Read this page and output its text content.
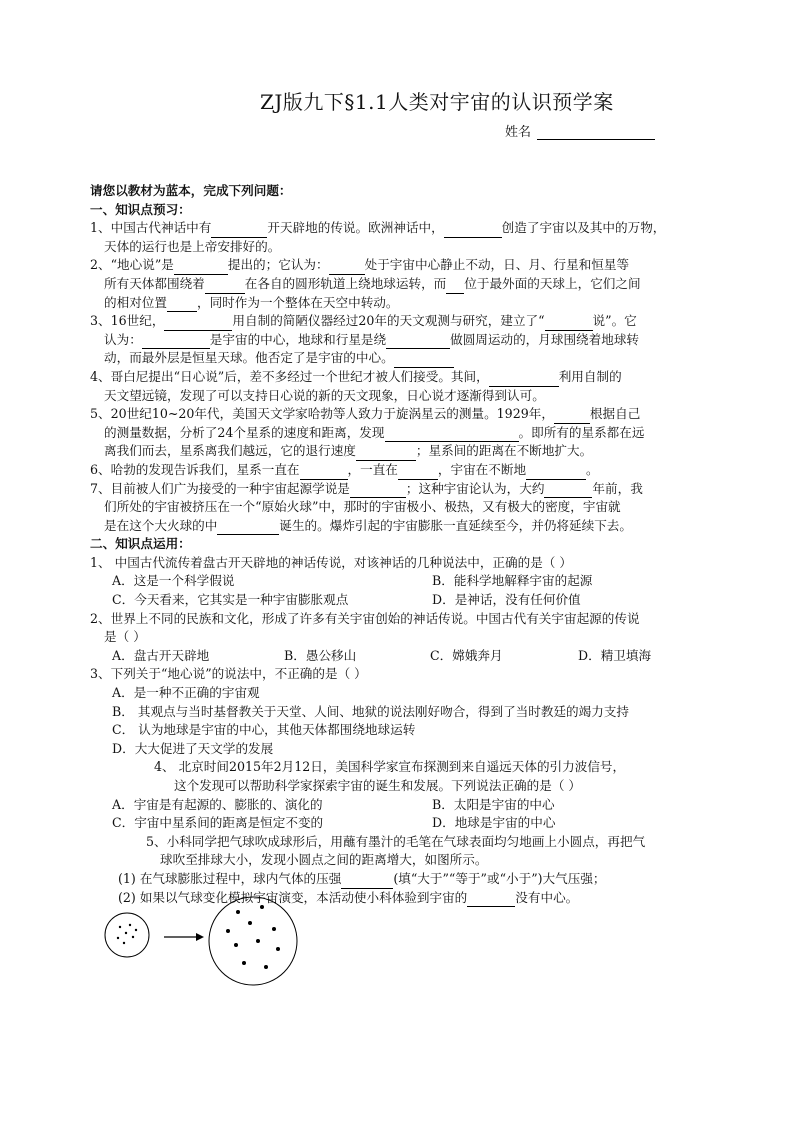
ZJ版九下§1.1人类对宇宙的认识预学案
姓名

请您以教材为蓝本，完成下列问题：

一、知识点预习：

1、中国古代神话中有	开天辟地的传说。欧洲神话中，	创造了宇宙以及其中的万物，

天体的运行也是上帝安排好的。

2、“地心说”是	提出的；它认为：	处于宇宙中心静止不动，日、月、行星和恒星等

所有天体都围绕着	在各自的圆形轨道上绕地球运转，而 位于最外面的天球上，它们之间

的相对位置 ，同时作为一个整体在天空中转动。

3、16世纪，	用自制的简陋仪器经过20年的天文观测与研究，建立了“	说”。它

认为：	是宇宙的中心，地球和行星是绕	做圆周运动的，月球围绕着地球转

动，而最外层是恒星天球。他否定了是宇宙的中心。

4、哥白尼提出“日心说”后，差不多经过一个世纪才被人们接受。其间，	利用自制的

天文望远镜，发现了可以支持日心说的新的天文现象，日心说才逐渐得到认可。

5、20世纪10~20年代，美国天文学家哈勃等人致力于旋涡星云的测量。1929年，	根据自己

的测量数据，分析了24个星系的速度和距离，发现	。即所有的星系都在远

离我们而去，星系离我们越远，它的退行速度	；星系间的距离在不断地扩大。

6、哈勃的发现告诉我们，星系一直在	，一直在	，宇宙在不断地	。

7、目前被人们广为接受的一种宇宙起源学说是	；这种宇宙论认为，大约	年前，我

们所处的宇宙被挤压在一个“原始火球”中，那时的宇宙极小、极热，又有极大的密度，宇宙就

是在这个大火球的中	诞生的。爆炸引起的宇宙膨胀一直延续至今，并仍将延续下去。

二、知识点运用：

1、 中国古代流传着盘古开天辟地的神话传说，对该神话的几种说法中，正确的是（ ）

A．这是一个科学假说	B．能科学地解释宇宙的起源
C．今天看来，它其实是一种宇宙膨胀观点	D．是神话，没有任何价值

2、世界上不同的民族和文化，形成了许多有关宇宙创始的神话传说。中国古代有关宇宙起源的传说

是（ ）

A．盘古开天辟地	B．愚公移山	C．嫦娥奔月	D．精卫填海

3、下列关于“地心说”的说法中，不正确的是（ ）

A．是一种不正确的宇宙观

B． 其观点与当时基督教关于天堂、人间、地狱的说法刚好吻合，得到了当时教廷的竭力支持

C． 认为地球是宇宙的中心，其他天体都围绕地球运转

D．大大促进了天文学的发展

4、 北京时间2015年2月12日，美国科学家宣布探测到来自遥远天体的引力波信号，

这个发现可以帮助科学家探索宇宙的诞生和发展。下列说法正确的是（ ）

A．宇宙是有起源的、膨胀的、演化的	B．太阳是宇宙的中心
C．宇宙中星系间的距离是恒定不变的	D．地球是宇宙的中心

5、小科同学把气球吹成球形后，用蘸有墨汁的毛笔在气球表面均匀地画上小圆点，再把气

球吹至排球大小，发现小圆点之间的距离增大，如图所示。

(1) 在气球膨胀过程中，球内气体的压强	(填“大于”“等于”或“小于”)大气压强；

(2) 如果以气球变化模拟宇宙演变，本活动使小科体验到宇宙的	没有中心。
